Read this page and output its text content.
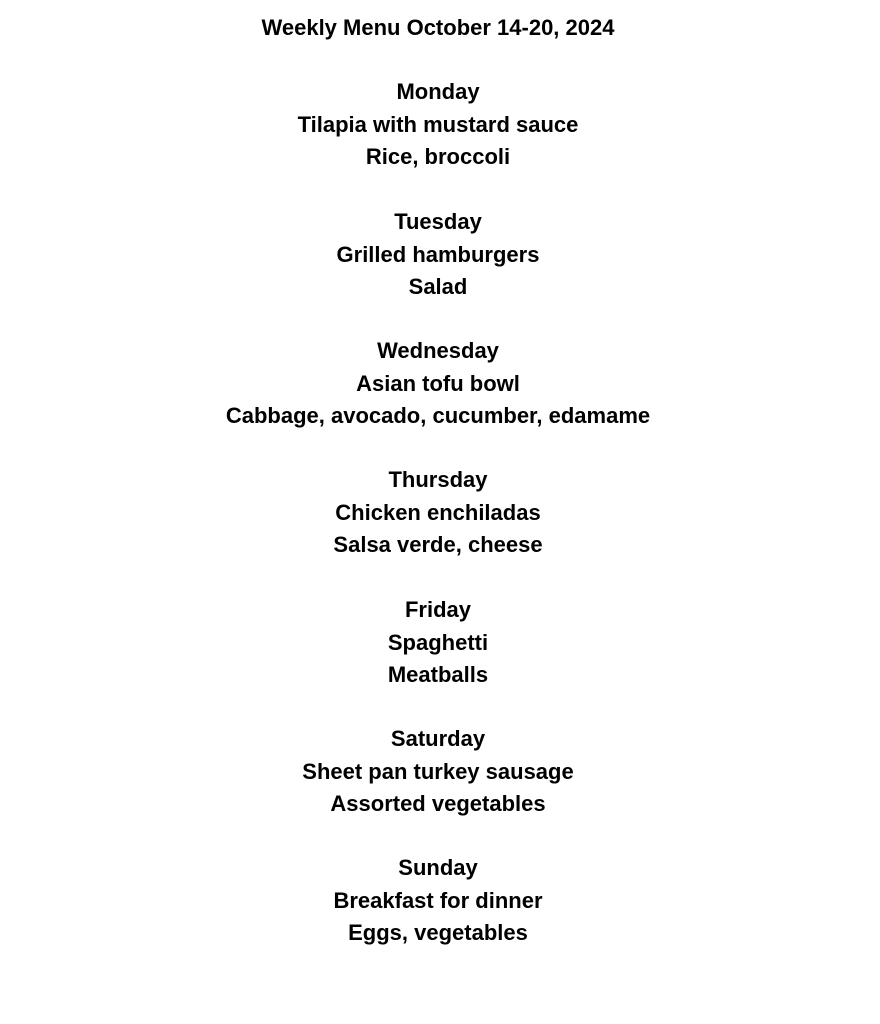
Weekly Menu October 14-20, 2024
Monday
Tilapia with mustard sauce
Rice, broccoli
Tuesday
Grilled hamburgers
Salad
Wednesday
Asian tofu bowl
Cabbage, avocado, cucumber, edamame
Thursday
Chicken enchiladas
Salsa verde, cheese
Friday
Spaghetti
Meatballs
Saturday
Sheet pan turkey sausage
Assorted vegetables
Sunday
Breakfast for dinner
Eggs, vegetables
